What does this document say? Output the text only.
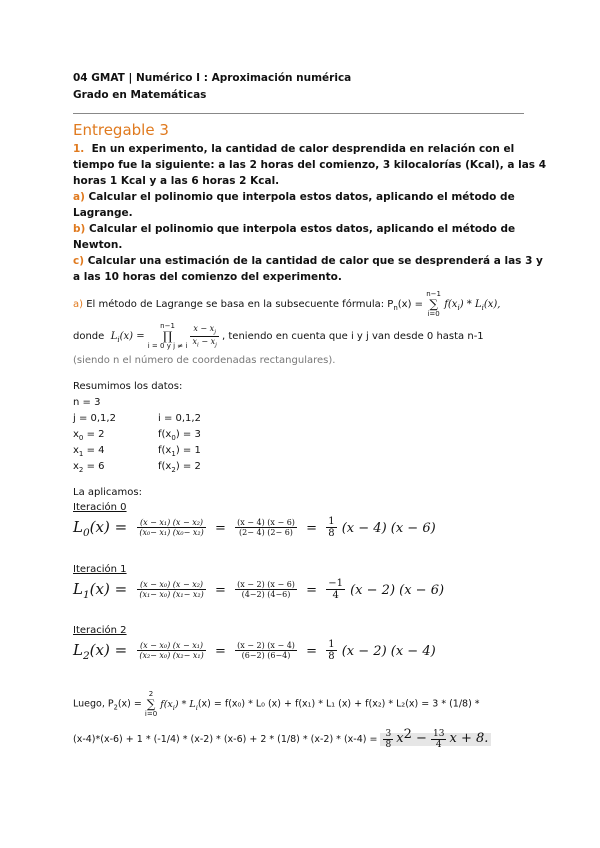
04 GMAT | Numérico I : Aproximación numérica
Grado en Matemáticas
Entregable 3
1. En un experimento, la cantidad de calor desprendida en relación con el
tiempo fue la siguiente: a las 2 horas del comienzo, 3 kilocalorías (Kcal), a las 4
horas 1 Kcal y a las 6 horas 2 Kcal.
a) Calcular el polinomio que interpola estos datos, aplicando el método de
Lagrange.
b) Calcular el polinomio que interpola estos datos, aplicando el método de
Newton.
c) Calcular una estimación de la cantidad de calor que se desprenderá a las 3 y
a las 10 horas del comienzo del experimento.
a) El método de Lagrange se basa en la subsecuente fórmula: $P_n(x)$ =
n−1
∑
i=0
$f(x_i) * L_i(x)$,
donde $L_i(x)$ =
n−1
∏
i = 0 y j ≠ i
$\frac{x - x_j}{x_i - x_j}$ , teniendo en cuenta que i y j van desde 0 hasta n-1
(siendo n el número de coordenadas rectangulares).
Resumimos los datos:
n = 3
j = 0,1,2	i = 0,1,2
$x_0 = 2$	$f(x_0) = 3$
$x_1 = 4$	$f(x_1) = 1$
$x_2 = 6$	$f(x_2) = 2$
La aplicamos:
Iteración 0
$L_0(x) = \frac{\text{(x − x₁) (x − x₂)}}{\text{(x₀− x₁) (x₀− x₂)}} = \frac{(x - 4) (x - 6)}{(2- 4) (2- 6)} = \frac{1}{8} (x - 4) (x - 6)$
Iteración 1
$L_1(x) = \frac{\text{(x − x₀) (x − x₂)}}{\text{(x₁− x₀) (x₁− x₂)}} = \frac{(x - 2) (x - 6)}{(4-2) (4-6)} = \frac{-1}{4} (x - 2) (x - 6)$
Iteración 2
$L_2(x) = \frac{\text{(x − x₀) (x − x₁)}}{\text{(x₂− x₀) (x₂− x₁)}} = \frac{(x - 2) (x - 4)}{(6-2) (6-4)} = \frac{1}{8} (x - 2) (x - 4)$
Luego, $P_2(x)$ =
2
∑
i=0
$f(x_i) * L_i(x) = f(x_0) * L_0$ (x) + f(x₁) * L₁ (x) + f(x₂) * L₂(x) = 3 * (1/8) *
$(x-4)*(x-6) + 1 * (-1/4) * (x-2) * (x-6) + 2 * (1/8) * (x-2) * (x-4) = \frac{3}{8} x^2 - \frac{13}{4}$ x + 8.
